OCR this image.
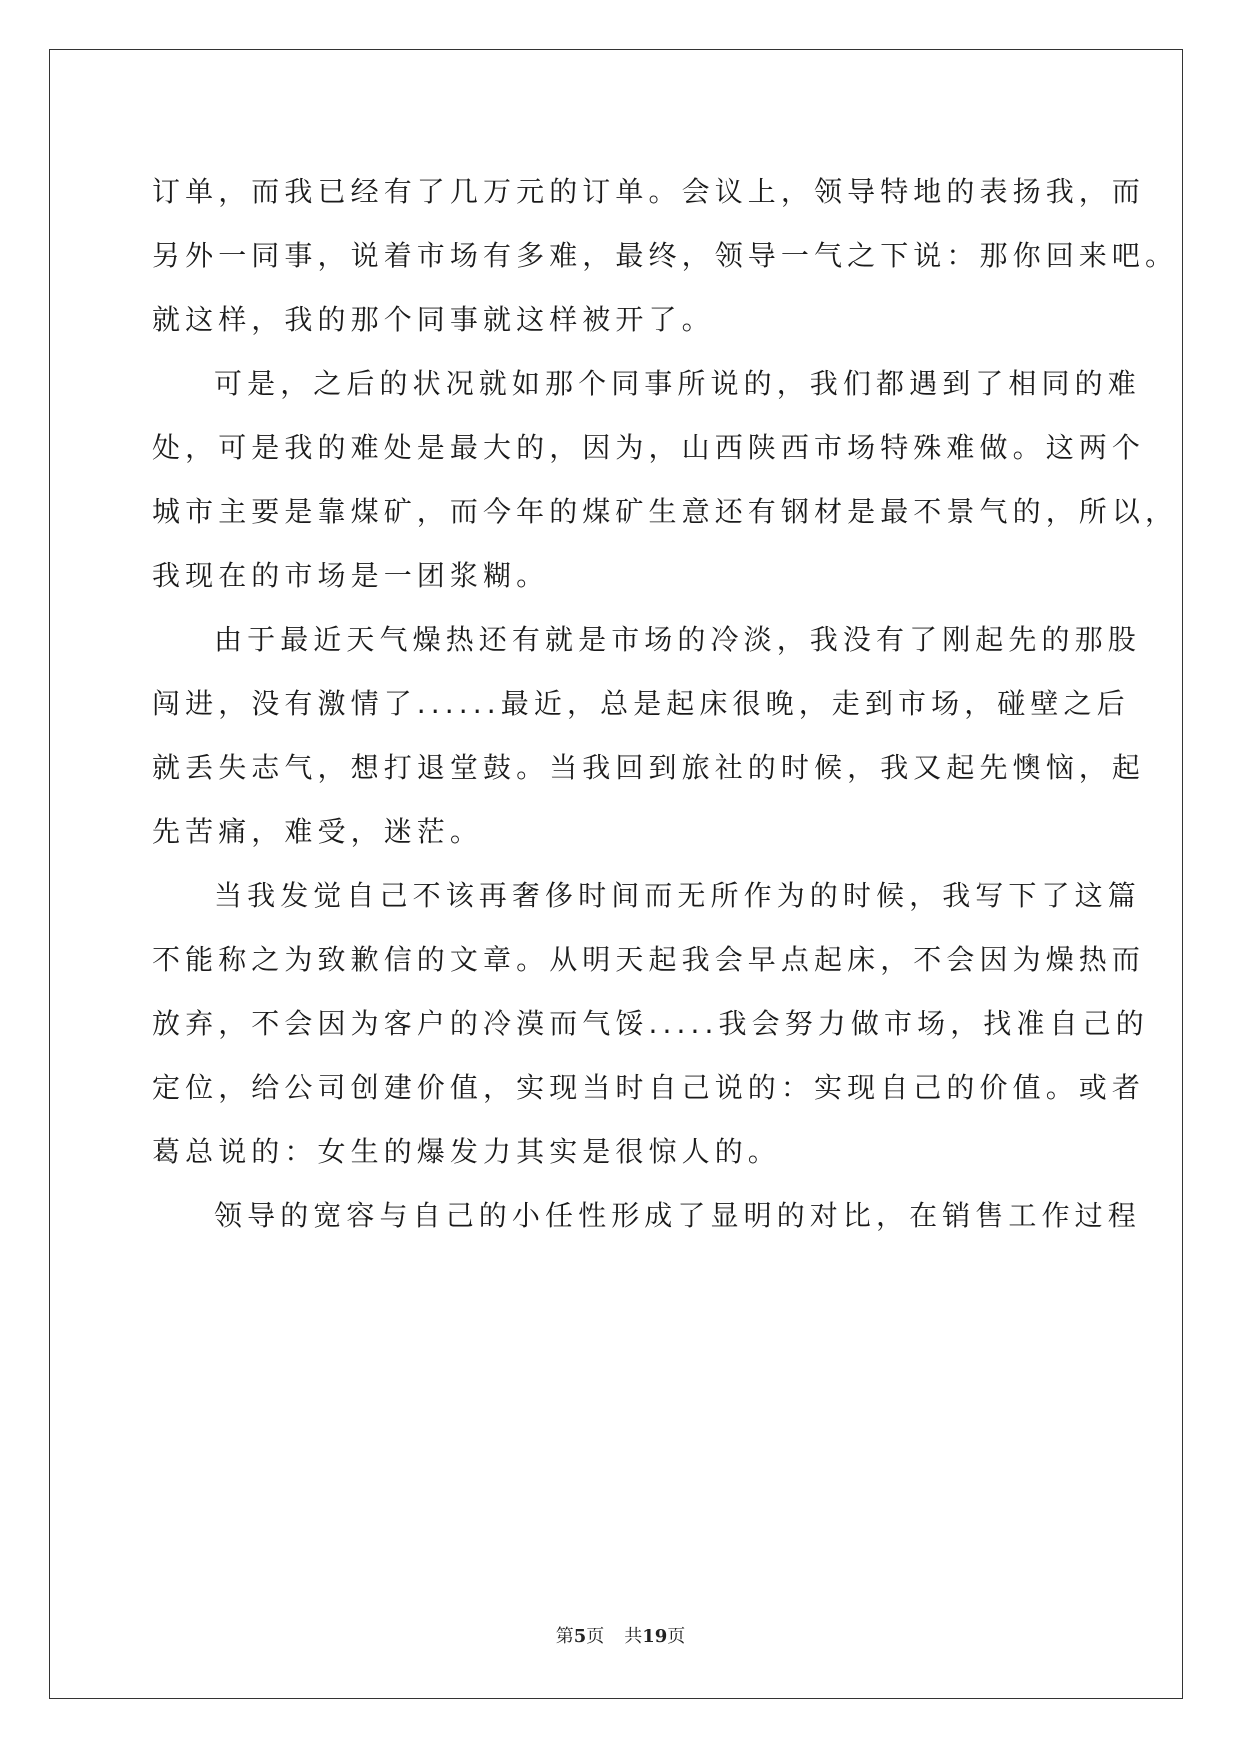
订单，而我已经有了几万元的订单。会议上，领导特地的表扬我，而
另外一同事，说着市场有多难，最终，领导一气之下说：那你回来吧。
就这样，我的那个同事就这样被开了。
可是，之后的状况就如那个同事所说的，我们都遇到了相同的难
处，可是我的难处是最大的，因为，山西陕西市场特殊难做。这两个
城市主要是靠煤矿，而今年的煤矿生意还有钢材是最不景气的，所以，
我现在的市场是一团浆糊。
由于最近天气燥热还有就是市场的冷淡，我没有了刚起先的那股
闯进，没有激情了......最近，总是起床很晚，走到市场，碰壁之后
就丢失志气，想打退堂鼓。当我回到旅社的时候，我又起先懊恼，起
先苦痛，难受，迷茫。
当我发觉自己不该再奢侈时间而无所作为的时候，我写下了这篇
不能称之为致歉信的文章。从明天起我会早点起床，不会因为燥热而
放弃，不会因为客户的冷漠而气馁.....我会努力做市场，找准自己的
定位，给公司创建价值，实现当时自己说的：实现自己的价值。或者
葛总说的：女生的爆发力其实是很惊人的。
领导的宽容与自己的小任性形成了显明的对比，在销售工作过程
第5页 共19页
